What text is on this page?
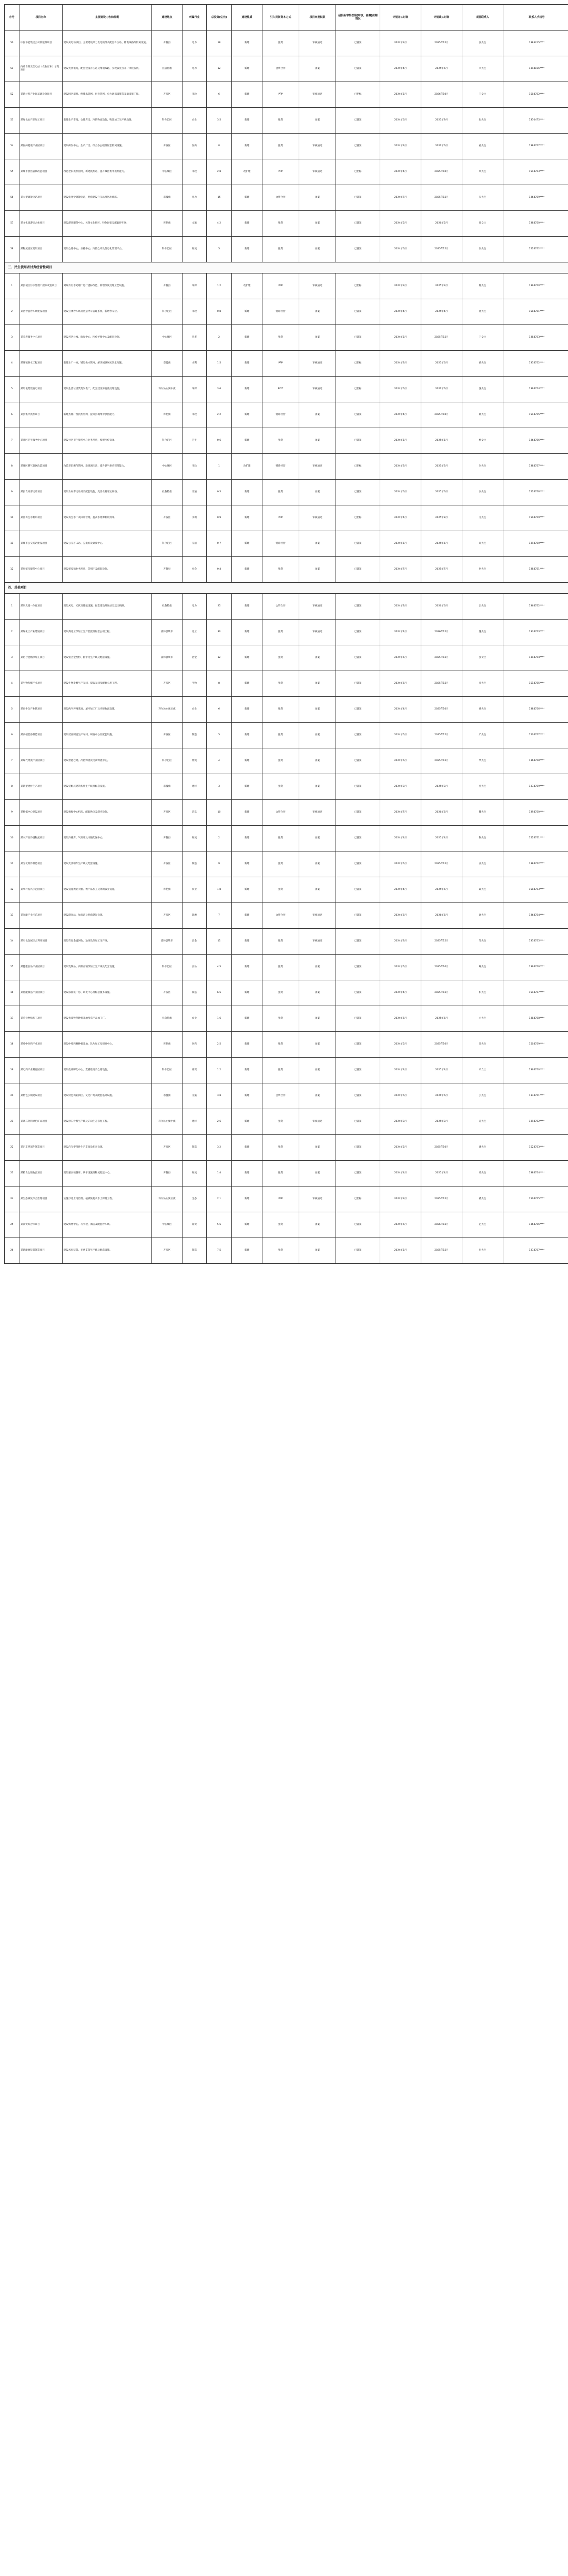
序号	项目名称	主要建设内容和规模	建设地点	所属行业	总投资(亿元)	建设性质	引入民间资本方式	项目审批权限	招投标审批权限(审核、备案)前期情况	计划开工时间	计划竣工时间	项目联系人	联系人手机号
50	中国华能集团公司新能源项目	建设风电场项目。主要建设风力发电机组及配套升压站、输电线路等附属设施。	开鲁县	电力	18	新建	独资	审核通过	已备案	2024年3月	2025年12月	张先生	1385215****
51	内蒙古某光伏电站（农牧互补）示范项目	建设光伏电站，配套建设升压站及集电线路，实现农光互补一体化发展。	扎鲁特旗	电力	12	新建	合资合作	备案	已备案	2024年4月	2025年6月	李先生	1394816****
52	某新材料产业园基础设施项目	建设园区道路、给排水管网、供热管网、电力通讯设施等基础设施工程。	开发区	市政	6	新建	PPP	审核通过	已招标	2024年5月	2026年10月	王女士	1504752****
53	某绿色农产品加工项目	新建生产车间、仓储库房、冷链物流设施，购置加工生产线设备。	科尔沁区	农业	3.5	新建	独资	备案	已备案	2024年6月	2025年9月	赵先生	1330475****
54	某医药健康产业园项目	建设研发中心、生产厂房、综合办公楼及配套附属设施。	开发区	医药	8	新建	独资	审核通过	已备案	2024年3月	2026年6月	孙先生	1384757****
55	某城市供热管网改造项目	改造老旧供热管网，新建换热站，提升城区集中供热能力。	中心城区	市政	2.8	改扩建	PPP	审核通过	已招标	2024年4月	2025年10月	周先生	1514753****
56	某大型储能电站项目	建设电化学储能电站，配套建设升压站及送出线路。	奈曼旗	电力	15	新建	合资合作	备案	已备案	2024年7月	2025年12月	吴先生	1364759****
57	某文化旅游综合体项目	建设游客服务中心、民俗文化街区、特色民宿及配套停车场。	库伦旗	文旅	4.2	新建	独资	备案	已备案	2024年5月	2026年5月	郑女士	1384750****
58	某物流园区建设项目	建设仓储中心、分拣中心、冷链仓库及信息化管理平台。	科尔沁区	物流	5	新建	独资	备案	已备案	2024年6月	2025年12月	冯先生	1524752****
三、民生使用者付费经营性项目													
1	某县城区污水处理厂提标改造项目	对现有污水处理厂进行提标改造，新增深度处理工艺设施。	开鲁县	环保	1.2	改扩建	PPP	审核通过	已招标	2024年3月	2025年3月	陈先生	1394750****
2	某区智慧停车场建设项目	建设立体停车场及智慧停车管理系统，新增停车位。	科尔沁区	市政	0.8	新建	特许经营	备案	已备案	2024年4月	2025年4月	褚先生	1504751****
3	某养老服务中心项目	建设养老公寓、康复中心、医疗护理中心及配套设施。	中心城区	养老	2	新建	独资	备案	已备案	2024年5月	2025年12月	卫女士	1384753****
4	某城镇供水工程项目	新建水厂一座，铺设供水管网，解决城镇居民饮水问题。	奈曼旗	水利	1.5	新建	PPP	审核通过	已招标	2024年3月	2025年6月	蒋先生	1334752****
5	某垃圾焚烧发电项目	建设生活垃圾焚烧发电厂，配套建设渗滤液处理设施。	科尔沁左翼中旗	环保	3.6	新建	BOT	审核通过	已招标	2024年6月	2026年6月	沈先生	1394754****
6	某县集中供热项目	新建热源厂及供热管网，提升县城集中供热能力。	库伦旗	市政	2.2	新建	特许经营	备案	已备案	2024年4月	2025年10月	韩先生	1514755****
7	某社区卫生服务中心项目	建设社区卫生服务中心业务用房，购置医疗设备。	科尔沁区	卫生	0.6	新建	独资	备案	已备案	2024年5月	2025年5月	杨女士	1364756****
8	某城区燃气管网改造项目	改造老旧燃气管网，新建调压站，提升燃气供应保障能力。	中心城区	市政	1	改扩建	特许经营	审核通过	已招标	2024年3月	2025年3月	朱先生	1384757****
9	某县农村客运站项目	建设农村客运站场及配套设施，完善农村客运网络。	扎鲁特旗	交通	0.5	新建	独资	备案	已备案	2024年6月	2025年6月	秦先生	1524758****
10	某区再生水利用项目	建设再生水厂及回用管网，提高水资源利用效率。	开发区	水利	0.9	新建	PPP	审核通过	已招标	2024年4月	2025年8月	尤先生	1504759****
11	某城市公交场站建设项目	建设公交首末站、充电桩及调度中心。	科尔沁区	交通	0.7	新建	特许经营	备案	已备案	2024年5月	2025年5月	许先生	1394750****
12	某县殡仪服务中心项目	建设殡仪馆业务用房、告别厅及配套设施。	开鲁县	社会	0.4	新建	独资	备案	已备案	2024年7月	2025年7月	何先生	1384751****
四、其他项目													
1	某风光储一体化项目	建设风电、光伏及储能设施，配套建设升压站及送出线路。	扎鲁特旗	电力	25	新建	合资合作	审核通过	已备案	2024年3月	2026年6月	吕先生	1364752****
2	某煤化工产业延链项目	建设煤化工深加工生产装置及配套公用工程。	霍林郭勒市	化工	30	新建	独资	审核通过	已备案	2024年4月	2026年12月	施先生	1334753****
3	某铝合金精深加工项目	建设铝合金型材、板带箔生产线及配套设施。	霍林郭勒市	冶金	12	新建	独资	备案	已备案	2024年5月	2025年12月	张女士	1394754****
4	某生物发酵产业项目	建设生物发酵生产车间、提取车间及配套公用工程。	开发区	生物	8	新建	独资	备案	已备案	2024年6月	2025年12月	孔先生	1514755****
5	某肉牛全产业链项目	建设肉牛养殖基地、屠宰加工厂及冷链物流设施。	科尔沁左翼后旗	农业	6	新建	独资	备案	已备案	2024年4月	2025年10月	曹先生	1384756****
6	某高端装备制造项目	建设装备制造生产车间、研发中心及配套设施。	开发区	制造	5	新建	独资	备案	已备案	2024年5月	2025年12月	严先生	1504757****
7	某现代物流产业园项目	建设智能仓储、冷链物流及电商物流中心。	科尔沁区	物流	4	新建	独资	备案	已备案	2024年6月	2025年12月	华先生	1364758****
8	某新型建材生产项目	建设装配式建筑构件生产线及配套设施。	奈曼旗	建材	3	新建	独资	备案	已备案	2024年3月	2025年3月	金先生	1334759****
9	某数据中心建设项目	建设数据中心机房、配套供电及制冷设施。	开发区	信息	10	新建	合资合作	审核通过	已备案	2024年7月	2026年6月	魏先生	1394750****
10	某农产品冷链物流项目	建设冷藏库、气调库及冷链配送中心。	开鲁县	物流	2	新建	独资	备案	已备案	2024年4月	2025年4月	陶先生	1524751****
11	某光伏组件制造项目	建设光伏组件生产线及配套设施。	开发区	制造	9	新建	独资	备案	已备案	2024年5月	2025年12月	姜先生	1384752****
12	某乡村振兴示范园项目	建设设施农业大棚、农产品加工及休闲农业设施。	库伦旗	农业	1.8	新建	独资	备案	已备案	2024年4月	2025年6月	戚先生	1504753****
13	某氢能产业示范项目	建设制氢站、加氢站及配套储运设施。	开发区	能源	7	新建	合资合作	审核通过	已备案	2024年6月	2026年6月	谢先生	1364754****
14	某有色金属综合利用项目	建设有色金属回收、冶炼及深加工生产线。	霍林郭勒市	冶金	11	新建	独资	审核通过	已备案	2024年3月	2025年12月	邹先生	1334755****
15	某健康食品产业园项目	建设乳制品、肉制品精深加工生产线及配套设施。	科尔沁区	食品	4.5	新建	独资	备案	已备案	2024年5月	2025年10月	喻先生	1394756****
16	某智能制造产业园项目	建设标准化厂房、研发中心及配套服务设施。	开发区	制造	6.5	新建	独资	备案	已备案	2024年4月	2025年12月	柏先生	1514757****
17	某草业种植加工项目	建设优质牧草种植基地及草产品加工厂。	扎鲁特旗	农业	1.6	新建	独资	备案	已备案	2024年6月	2025年6月	水先生	1384758****
18	某蒙中医药产业项目	建设中蒙药材种植基地、饮片加工及研发中心。	库伦旗	医药	2.5	新建	独资	备案	已备案	2024年5月	2025年10月	窦先生	1504759****
19	某电商产业孵化园项目	建设电商孵化中心、直播基地及仓储设施。	科尔沁区	商贸	1.2	新建	独资	备案	已备案	2024年4月	2025年4月	章女士	1364750****
20	某特色小镇建设项目	建设特色商业街区、文化广场及配套基础设施。	奈曼旗	文旅	3.8	新建	合资合作	备案	已备案	2024年6月	2026年6月	云先生	1334751****
21	某砂石骨料绿色矿山项目	建设砂石骨料生产线及矿山生态修复工程。	科尔沁左翼中旗	建材	2.6	新建	独资	审核通过	已备案	2024年3月	2025年3月	苏先生	1394752****
22	某汽车零部件制造项目	建设汽车零部件生产车间及配套设施。	开发区	制造	3.2	新建	独资	备案	已备案	2024年5月	2025年10月	潘先生	1524753****
23	某粮食仓储物流项目	建设粮食储备库、烘干设施及物流配送中心。	开鲁县	物流	1.4	新建	独资	备案	已备案	2024年4月	2025年4月	葛先生	1384754****
24	某生态修复综合治理项目	实施沙化土地治理、植被恢复及水土保持工程。	科尔沁左翼后旗	生态	2.1	新建	PPP	审核通过	已招标	2024年3月	2025年12月	奚先生	1504755****
25	某商贸综合体项目	建设购物中心、写字楼、酒店及配套停车场。	中心城区	商贸	5.5	新建	独资	备案	已备案	2024年6月	2026年12月	范先生	1364756****
26	某新能源装备制造项目	建设风电装备、光伏支架生产线及配套设施。	开发区	制造	7.5	新建	独资	备案	已备案	2024年5月	2025年12月	彭先生	1334757****
